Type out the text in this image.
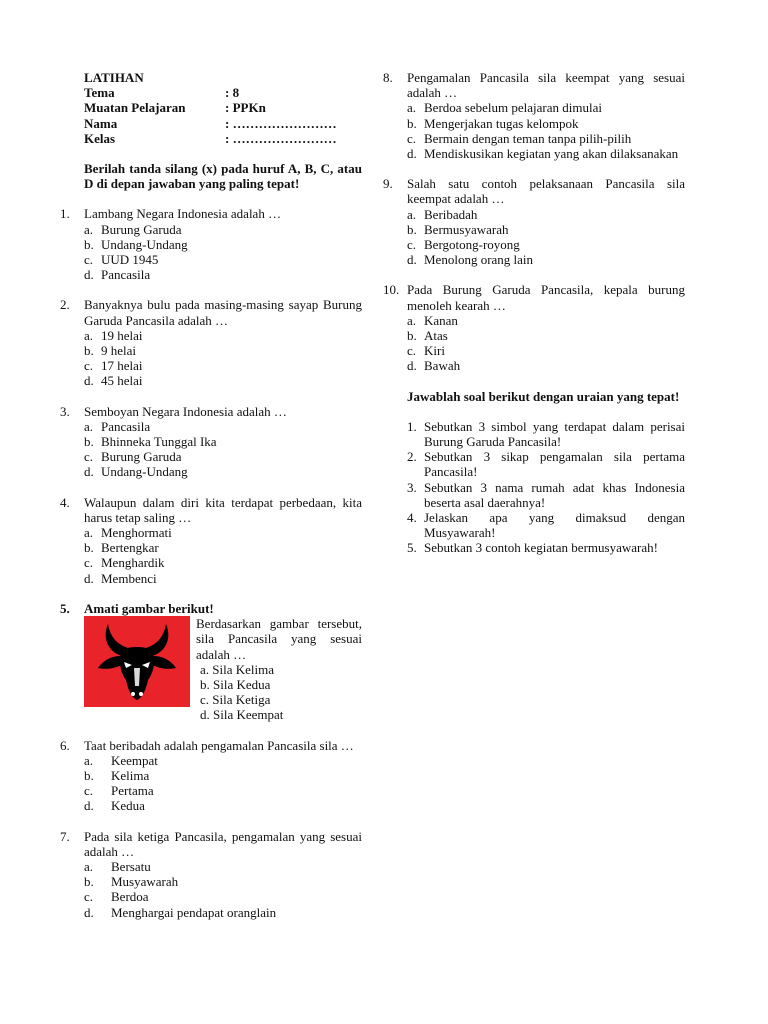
LATIHAN
Tema	: 8
Muatan Pelajaran	: PPKn
Nama	: ……………………
Kelas	: ……………………
Berilah tanda silang (x) pada huruf A, B, C, atau D di depan jawaban yang paling tepat!
1.	Lambang Negara Indonesia adalah …
a. Burung Garuda
b. Undang-Undang
c. UUD 1945
d. Pancasila
2.	Banyaknya bulu pada masing-masing sayap Burung Garuda Pancasila adalah …
a. 19 helai
b. 9 helai
c. 17 helai
d. 45 helai
3.	Semboyan Negara Indonesia adalah …
a. Pancasila
b. Bhinneka Tunggal Ika
c. Burung Garuda
d. Undang-Undang
4.	Walaupun dalam diri kita terdapat perbedaan, kita harus tetap saling …
a. Menghormati
b. Bertengkar
c. Menghardik
d. Membenci
5.	Amati gambar berikut!
Berdasarkan gambar tersebut, sila Pancasila yang sesuai adalah …
a. Sila Kelima
b. Sila Kedua
c. Sila Ketiga
d. Sila Keempat
6.	Taat beribadah adalah pengamalan Pancasila sila …
a.	Keempat
b.	Kelima
c.	Pertama
d.	Kedua
7.	Pada sila ketiga Pancasila, pengamalan yang sesuai adalah …
a.	Bersatu
b.	Musyawarah
c.	Berdoa
d.	Menghargai pendapat oranglain
8.	Pengamalan Pancasila sila keempat yang sesuai adalah …
a. Berdoa sebelum pelajaran dimulai
b. Mengerjakan tugas kelompok
c. Bermain dengan teman tanpa pilih-pilih
d. Mendiskusikan kegiatan yang akan dilaksanakan
9.	Salah satu contoh pelaksanaan Pancasila sila keempat adalah …
a. Beribadah
b. Bermusyawarah
c. Bergotong-royong
d. Menolong orang lain
10. Pada Burung Garuda Pancasila, kepala burung menoleh kearah …
a. Kanan
b. Atas
c. Kiri
d. Bawah
Jawablah soal berikut dengan uraian yang tepat!
1. Sebutkan 3 simbol yang terdapat dalam perisai Burung Garuda Pancasila!
2. Sebutkan 3 sikap pengamalan sila pertama Pancasila!
3. Sebutkan 3 nama rumah adat khas Indonesia beserta asal daerahnya!
4. Jelaskan apa yang dimaksud dengan Musyawarah!
5. Sebutkan 3 contoh kegiatan bermusyawarah!
